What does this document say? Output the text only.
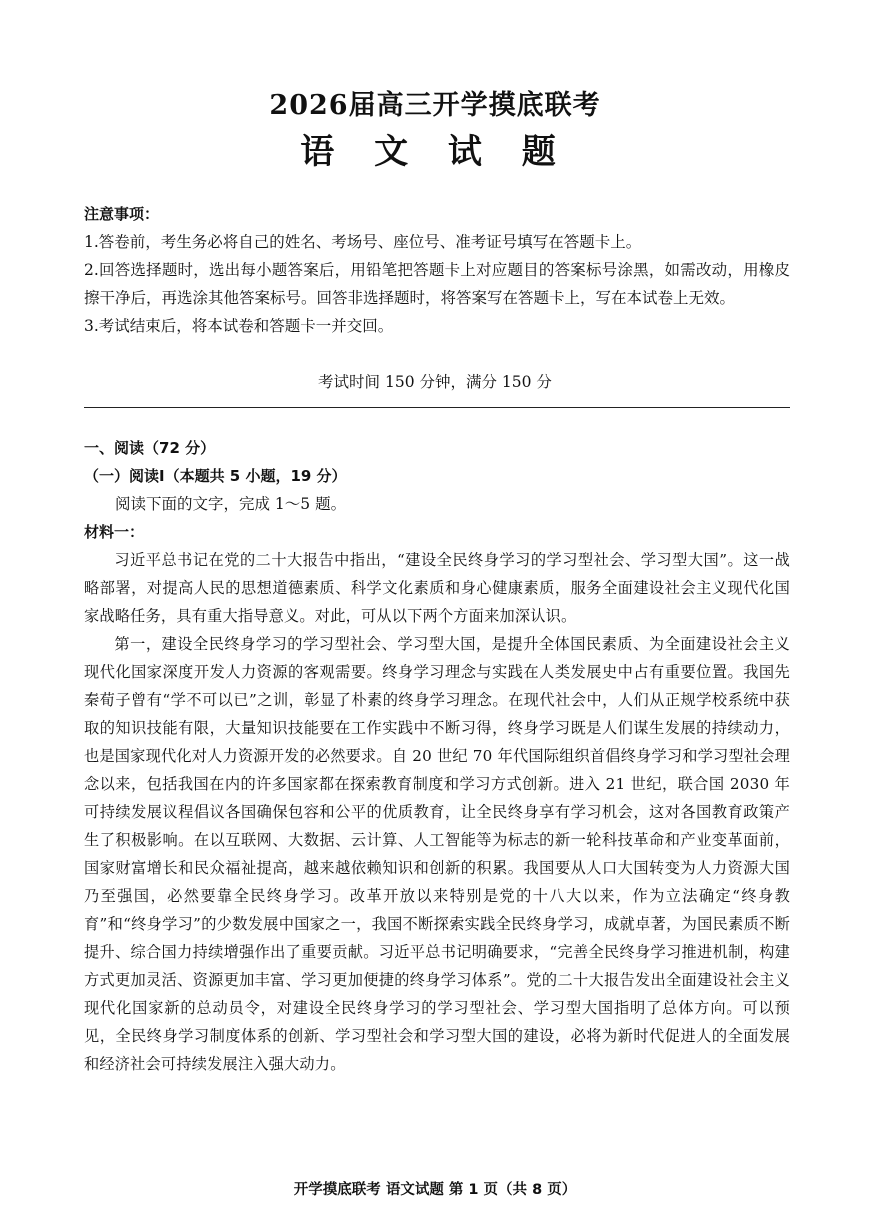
2026届高三开学摸底联考
语 文 试 题
注意事项：
1.答卷前，考生务必将自己的姓名、考场号、座位号、准考证号填写在答题卡上。
2.回答选择题时，选出每小题答案后，用铅笔把答题卡上对应题目的答案标号涂黑，如需改动，用橡皮擦干净后，再选涂其他答案标号。回答非选择题时，将答案写在答题卡上，写在本试卷上无效。
3.考试结束后，将本试卷和答题卡一并交回。
考试时间 150 分钟，满分 150 分
一、阅读（72 分）
（一）阅读Ⅰ（本题共 5 小题，19 分）
阅读下面的文字，完成 1～5 题。
材料一：
习近平总书记在党的二十大报告中指出，“建设全民终身学习的学习型社会、学习型大国”。这一战略部署，对提高人民的思想道德素质、科学文化素质和身心健康素质，服务全面建设社会主义现代化国家战略任务，具有重大指导意义。对此，可从以下两个方面来加深认识。
第一，建设全民终身学习的学习型社会、学习型大国，是提升全体国民素质、为全面建设社会主义现代化国家深度开发人力资源的客观需要。终身学习理念与实践在人类发展史中占有重要位置。我国先秦荀子曾有“学不可以已”之训，彰显了朴素的终身学习理念。在现代社会中，人们从正规学校系统中获取的知识技能有限，大量知识技能要在工作实践中不断习得，终身学习既是人们谋生发展的持续动力，也是国家现代化对人力资源开发的必然要求。自 20 世纪 70 年代国际组织首倡终身学习和学习型社会理念以来，包括我国在内的许多国家都在探索教育制度和学习方式创新。进入 21 世纪，联合国 2030 年可持续发展议程倡议各国确保包容和公平的优质教育，让全民终身享有学习机会，这对各国教育政策产生了积极影响。在以互联网、大数据、云计算、人工智能等为标志的新一轮科技革命和产业变革面前，国家财富增长和民众福祉提高，越来越依赖知识和创新的积累。我国要从人口大国转变为人力资源大国乃至强国，必然要靠全民终身学习。改革开放以来特别是党的十八大以来，作为立法确定“终身教育”和“终身学习”的少数发展中国家之一，我国不断探索实践全民终身学习，成就卓著，为国民素质不断提升、综合国力持续增强作出了重要贡献。习近平总书记明确要求，“完善全民终身学习推进机制，构建方式更加灵活、资源更加丰富、学习更加便捷的终身学习体系”。党的二十大报告发出全面建设社会主义现代化国家新的总动员令，对建设全民终身学习的学习型社会、学习型大国指明了总体方向。可以预见，全民终身学习制度体系的创新、学习型社会和学习型大国的建设，必将为新时代促进人的全面发展和经济社会可持续发展注入强大动力。
开学摸底联考 语文试题 第 1 页（共 8 页）
